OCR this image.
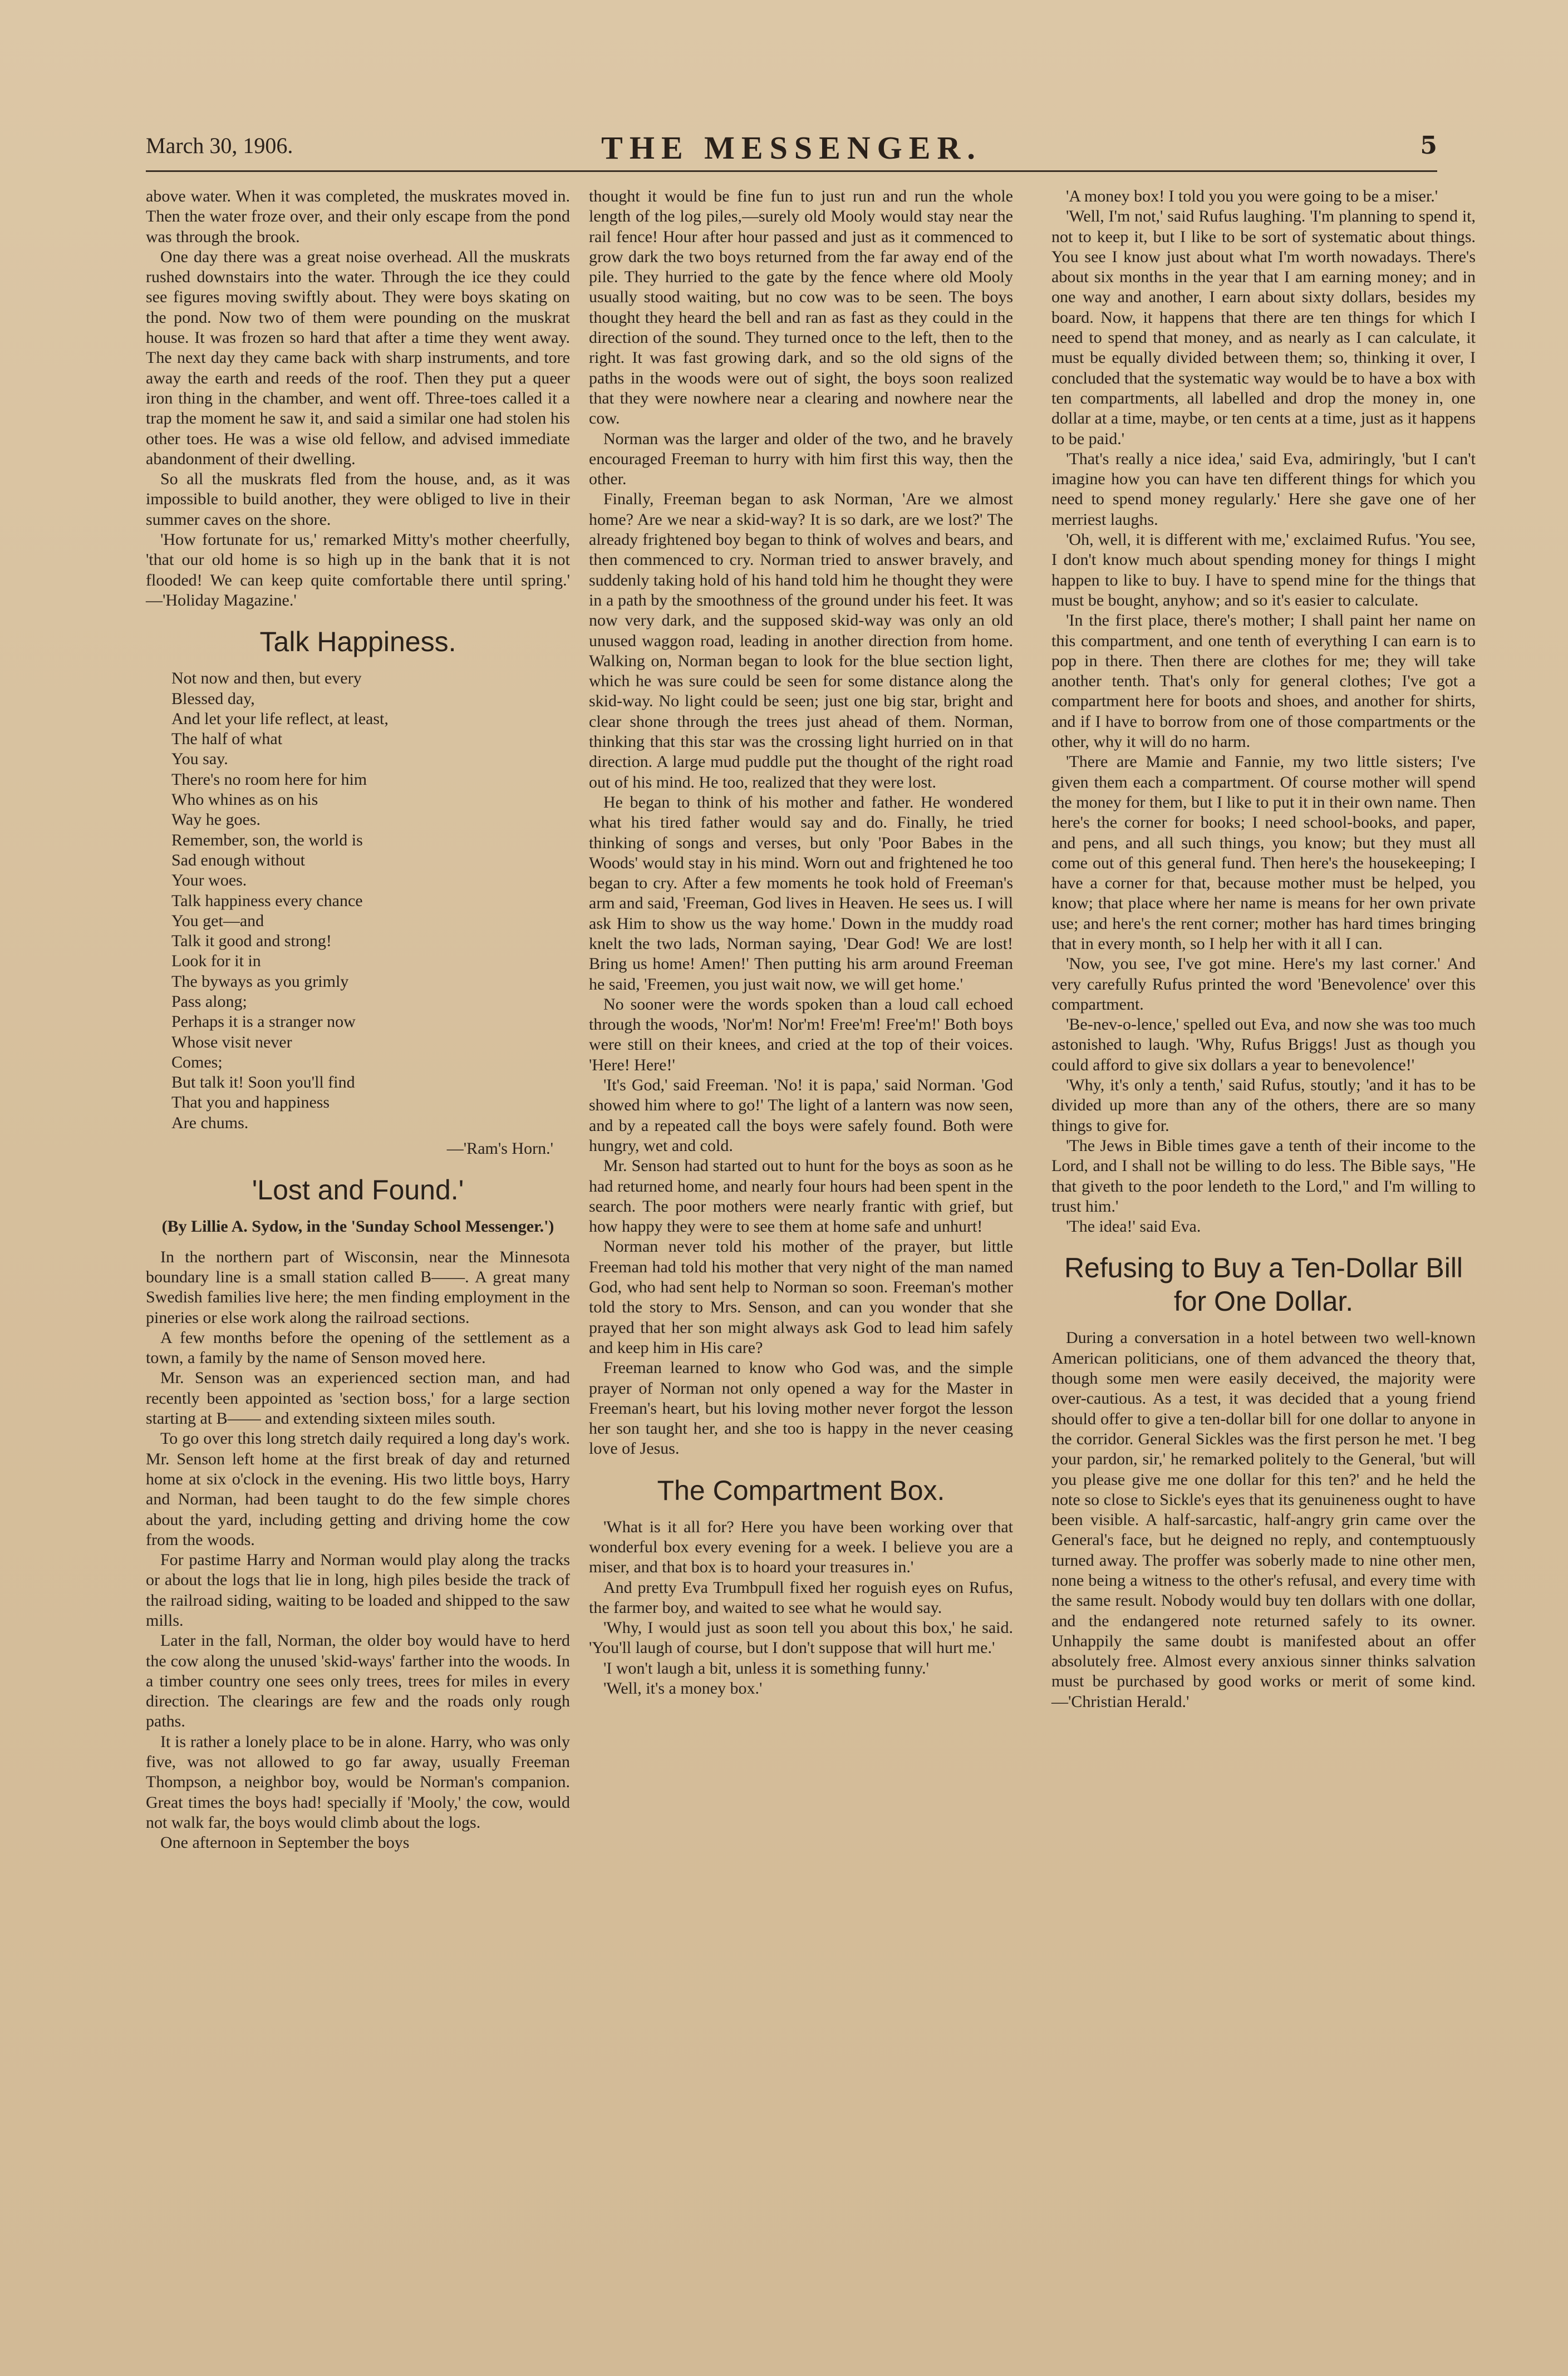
March 30, 1906.	THE MESSENGER.	5

above water. When it was completed, the muskrates moved in. Then the water froze over, and their only escape from the pond was through the brook.

One day there was a great noise overhead. All the muskrats rushed downstairs into the water. Through the ice they could see figures moving swiftly about. They were boys skating on the pond. Now two of them were pounding on the muskrat house. It was frozen so hard that after a time they went away. The next day they came back with sharp instruments, and tore away the earth and reeds of the roof. Then they put a queer iron thing in the chamber, and went off. Three-toes called it a trap the moment he saw it, and said a similar one had stolen his other toes. He was a wise old fellow, and advised immediate abandonment of their dwelling.

So all the muskrats fled from the house, and, as it was impossible to build another, they were obliged to live in their summer caves on the shore.

'How fortunate for us,' remarked Mitty's mother cheerfully, 'that our old home is so high up in the bank that it is not flooded! We can keep quite comfortable there until spring.' —'Holiday Magazine.'

Talk Happiness.
Not now and then, but every
Blessed day,
And let your life reflect, at least,
The half of what
You say.
There's no room here for him
Who whines as on his
Way he goes.
Remember, son, the world is
Sad enough without
Your woes.
Talk happiness every chance
You get—and
Talk it good and strong!
Look for it in
The byways as you grimly
Pass along;
Perhaps it is a stranger now
Whose visit never
Comes;
But talk it! Soon you'll find
That you and happiness
Are chums.

—'Ram's Horn.'

'Lost and Found.'

(By Lillie A. Sydow, in the 'Sunday School Messenger.')

In the northern part of Wisconsin, near the Minnesota boundary line is a small station called B——. A great many Swedish families live here; the men finding employment in the pineries or else work along the railroad sections.

A few months before the opening of the settlement as a town, a family by the name of Senson moved here.

Mr. Senson was an experienced section man, and had recently been appointed as 'section boss,' for a large section starting at B—— and extending sixteen miles south.

To go over this long stretch daily required a long day's work. Mr. Senson left home at the first break of day and returned home at six o'clock in the evening. His two little boys, Harry and Norman, had been taught to do the few simple chores about the yard, including getting and driving home the cow from the woods.

For pastime Harry and Norman would play along the tracks or about the logs that lie in long, high piles beside the track of the railroad siding, waiting to be loaded and shipped to the saw mills.

Later in the fall, Norman, the older boy would have to herd the cow along the unused 'skid-ways' farther into the woods. In a timber country one sees only trees, trees for miles in every direction. The clearings are few and the roads only rough paths.

It is rather a lonely place to be in alone. Harry, who was only five, was not allowed to go far away, usually Freeman Thompson, a neighbor boy, would be Norman's companion. Great times the boys had! specially if 'Mooly,' the cow, would not walk far, the boys would climb about the logs.

One afternoon in September the boys

thought it would be fine fun to just run and run the whole length of the log piles,—surely old Mooly would stay near the rail fence! Hour after hour passed and just as it commenced to grow dark the two boys returned from the far away end of the pile. They hurried to the gate by the fence where old Mooly usually stood waiting, but no cow was to be seen. The boys thought they heard the bell and ran as fast as they could in the direction of the sound. They turned once to the left, then to the right. It was fast growing dark, and so the old signs of the paths in the woods were out of sight, the boys soon realized that they were nowhere near a clearing and nowhere near the cow.

Norman was the larger and older of the two, and he bravely encouraged Freeman to hurry with him first this way, then the other.

Finally, Freeman began to ask Norman, 'Are we almost home? Are we near a skid-way? It is so dark, are we lost?' The already frightened boy began to think of wolves and bears, and then commenced to cry. Norman tried to answer bravely, and suddenly taking hold of his hand told him he thought they were in a path by the smoothness of the ground under his feet. It was now very dark, and the supposed skid-way was only an old unused waggon road, leading in another direction from home. Walking on, Norman began to look for the blue section light, which he was sure could be seen for some distance along the skid-way. No light could be seen; just one big star, bright and clear shone through the trees just ahead of them. Norman, thinking that this star was the crossing light hurried on in that direction. A large mud puddle put the thought of the right road out of his mind. He too, realized that they were lost.

He began to think of his mother and father. He wondered what his tired father would say and do. Finally, he tried thinking of songs and verses, but only 'Poor Babes in the Woods' would stay in his mind. Worn out and frightened he too began to cry. After a few moments he took hold of Freeman's arm and said, 'Freeman, God lives in Heaven. He sees us. I will ask Him to show us the way home.' Down in the muddy road knelt the two lads, Norman saying, 'Dear God! We are lost! Bring us home! Amen!' Then putting his arm around Freeman he said, 'Freemen, you just wait now, we will get home.'

No sooner were the words spoken than a loud call echoed through the woods, 'Nor'm! Nor'm! Free'm! Free'm!' Both boys were still on their knees, and cried at the top of their voices. 'Here! Here!'

'It's God,' said Freeman. 'No! it is papa,' said Norman. 'God showed him where to go!' The light of a lantern was now seen, and by a repeated call the boys were safely found. Both were hungry, wet and cold.

Mr. Senson had started out to hunt for the boys as soon as he had returned home, and nearly four hours had been spent in the search. The poor mothers were nearly frantic with grief, but how happy they were to see them at home safe and unhurt!

Norman never told his mother of the prayer, but little Freeman had told his mother that very night of the man named God, who had sent help to Norman so soon. Freeman's mother told the story to Mrs. Senson, and can you wonder that she prayed that her son might always ask God to lead him safely and keep him in His care?

Freeman learned to know who God was, and the simple prayer of Norman not only opened a way for the Master in Freeman's heart, but his loving mother never forgot the lesson her son taught her, and she too is happy in the never ceasing love of Jesus.

The Compartment Box.

'What is it all for? Here you have been working over that wonderful box every evening for a week. I believe you are a miser, and that box is to hoard your treasures in.'

And pretty Eva Trumbpull fixed her roguish eyes on Rufus, the farmer boy, and waited to see what he would say.

'Why, I would just as soon tell you about this box,' he said. 'You'll laugh of course, but I don't suppose that will hurt me.'

'I won't laugh a bit, unless it is something funny.'

'Well, it's a money box.'

'A money box! I told you you were going to be a miser.'

'Well, I'm not,' said Rufus laughing. 'I'm planning to spend it, not to keep it, but I like to be sort of systematic about things. You see I know just about what I'm worth nowadays. There's about six months in the year that I am earning money; and in one way and another, I earn about sixty dollars, besides my board. Now, it happens that there are ten things for which I need to spend that money, and as nearly as I can calculate, it must be equally divided between them; so, thinking it over, I concluded that the systematic way would be to have a box with ten compartments, all labelled and drop the money in, one dollar at a time, maybe, or ten cents at a time, just as it happens to be paid.'

'That's really a nice idea,' said Eva, admiringly, 'but I can't imagine how you can have ten different things for which you need to spend money regularly.' Here she gave one of her merriest laughs.

'Oh, well, it is different with me,' exclaimed Rufus. 'You see, I don't know much about spending money for things I might happen to like to buy. I have to spend mine for the things that must be bought, anyhow; and so it's easier to calculate.

'In the first place, there's mother; I shall paint her name on this compartment, and one tenth of everything I can earn is to pop in there. Then there are clothes for me; they will take another tenth. That's only for general clothes; I've got a compartment here for boots and shoes, and another for shirts, and if I have to borrow from one of those compartments or the other, why it will do no harm.

'There are Mamie and Fannie, my two little sisters; I've given them each a compartment. Of course mother will spend the money for them, but I like to put it in their own name. Then here's the corner for books; I need school-books, and paper, and pens, and all such things, you know; but they must all come out of this general fund. Then here's the housekeeping; I have a corner for that, because mother must be helped, you know; that place where her name is means for her own private use; and here's the rent corner; mother has hard times bringing that in every month, so I help her with it all I can.

'Now, you see, I've got mine. Here's my last corner.' And very carefully Rufus printed the word 'Benevolence' over this compartment.

'Be-nev-o-lence,' spelled out Eva, and now she was too much astonished to laugh. 'Why, Rufus Briggs! Just as though you could afford to give six dollars a year to benevolence!'

'Why, it's only a tenth,' said Rufus, stoutly; 'and it has to be divided up more than any of the others, there are so many things to give for.

'The Jews in Bible times gave a tenth of their income to the Lord, and I shall not be willing to do less. The Bible says, "He that giveth to the poor lendeth to the Lord," and I'm willing to trust him.'

'The idea!' said Eva.

Refusing to Buy a Ten-Dollar Bill for One Dollar.

During a conversation in a hotel between two well-known American politicians, one of them advanced the theory that, though some men were easily deceived, the majority were over-cautious. As a test, it was decided that a young friend should offer to give a ten-dollar bill for one dollar to anyone in the corridor. General Sickles was the first person he met. 'I beg your pardon, sir,' he remarked politely to the General, 'but will you please give me one dollar for this ten?' and he held the note so close to Sickle's eyes that its genuineness ought to have been visible. A half-sarcastic, half-angry grin came over the General's face, but he deigned no reply, and contemptuously turned away. The proffer was soberly made to nine other men, none being a witness to the other's refusal, and every time with the same result. Nobody would buy ten dollars with one dollar, and the endangered note returned safely to its owner. Unhappily the same doubt is manifested about an offer absolutely free. Almost every anxious sinner thinks salvation must be purchased by good works or merit of some kind.—'Christian Herald.'
